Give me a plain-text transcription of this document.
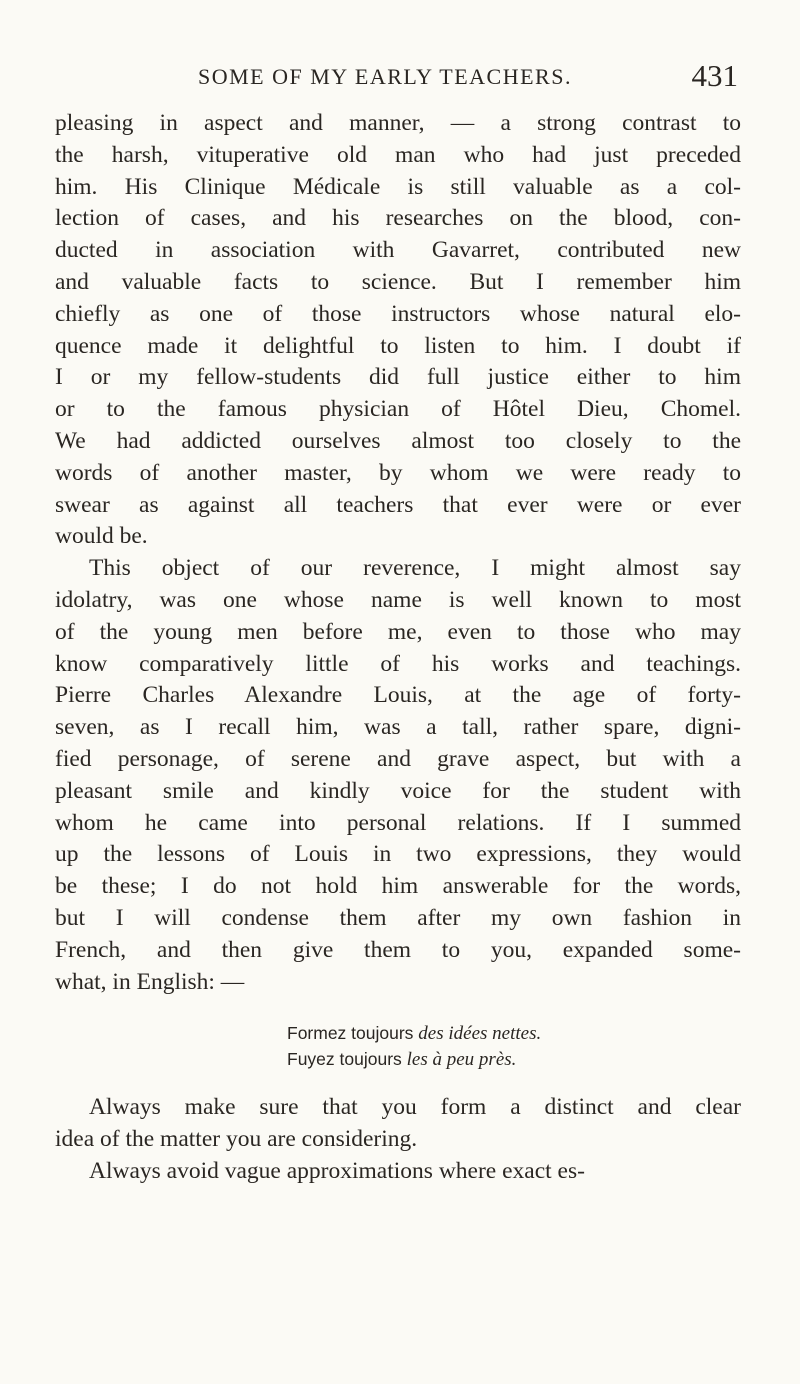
SOME OF MY EARLY TEACHERS.	431
pleasing in aspect and manner, — a strong contrast to
the harsh, vituperative old man who had just preceded
him. His Clinique Médicale is still valuable as a col-
lection of cases, and his researches on the blood, con-
ducted in association with Gavarret, contributed new
and valuable facts to science. But I remember him
chiefly as one of those instructors whose natural elo-
quence made it delightful to listen to him. I doubt if
I or my fellow-students did full justice either to him
or to the famous physician of Hôtel Dieu, Chomel.
We had addicted ourselves almost too closely to the
words of another master, by whom we were ready to
swear as against all teachers that ever were or ever
would be.
This object of our reverence, I might almost say
idolatry, was one whose name is well known to most
of the young men before me, even to those who may
know comparatively little of his works and teachings.
Pierre Charles Alexandre Louis, at the age of forty-
seven, as I recall him, was a tall, rather spare, digni-
fied personage, of serene and grave aspect, but with a
pleasant smile and kindly voice for the student with
whom he came into personal relations. If I summed
up the lessons of Louis in two expressions, they would
be these; I do not hold him answerable for the words,
but I will condense them after my own fashion in
French, and then give them to you, expanded some-
what, in English: —
Formez toujours des idées nettes.
Fuyez toujours les à peu près.
Always make sure that you form a distinct and clear
idea of the matter you are considering.
Always avoid vague approximations where exact es-
